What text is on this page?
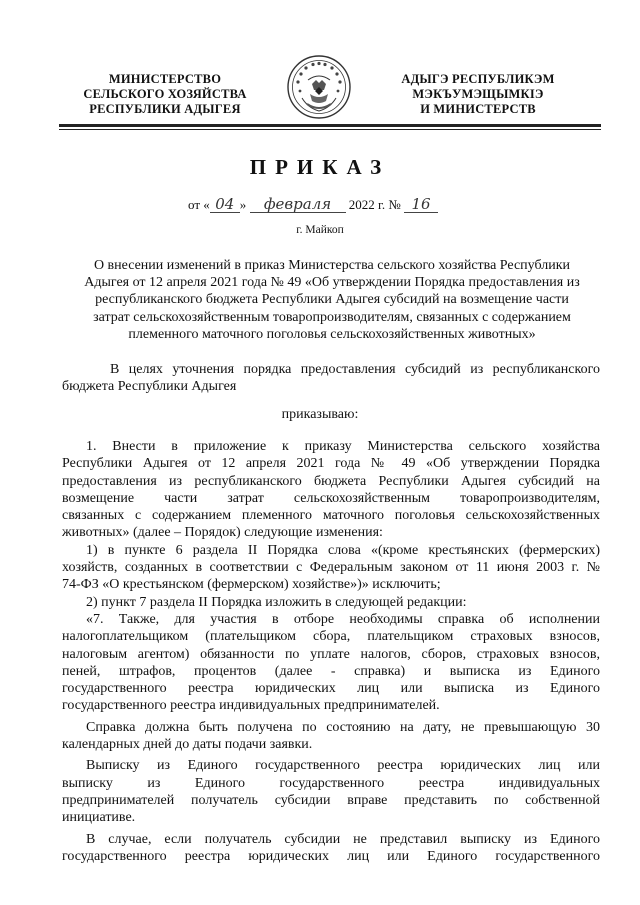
МИНИСТЕРСТВО
СЕЛЬСКОГО ХОЗЯЙСТВА
РЕСПУБЛИКИ АДЫГЕЯ
АДЫГЭ РЕСПУБЛИКЭМ
МЭКЪУМЭЩЫМКIЭ
И МИНИСТЕРСТВ
ПРИКАЗ
от « 04 » февраля 2022 г. № 16
г. Майкоп
О внесении изменений в приказ Министерства сельского хозяйства Республики
Адыгея от 12 апреля 2021 года № 49 «Об утверждении Порядка предоставления из
республиканского бюджета Республики Адыгея субсидий на возмещение части
затрат сельскохозяйственным товаропроизводителям, связанных с содержанием
племенного маточного поголовья сельскохозяйственных животных»
В целях уточнения порядка предоставления субсидий из республиканского
бюджета Республики Адыгея
приказываю:
1. Внести в приложение к приказу Министерства сельского хозяйства
Республики Адыгея от 12 апреля 2021 года № 49 «Об утверждении Порядка
предоставления из республиканского бюджета Республики Адыгея субсидий на
возмещение части затрат сельскохозяйственным товаропроизводителям,
связанных с содержанием племенного маточного поголовья сельскохозяйственных
животных» (далее – Порядок) следующие изменения:
1) в пункте 6 раздела II Порядка слова «(кроме крестьянских (фермерских)
хозяйств, созданных в соответствии с Федеральным законом от 11 июня 2003 г. №
74-ФЗ «О крестьянском (фермерском) хозяйстве»)» исключить;
2) пункт 7 раздела II Порядка изложить в следующей редакции:
«7. Также, для участия в отборе необходимы справка об исполнении
налогоплательщиком (плательщиком сбора, плательщиком страховых взносов,
налоговым агентом) обязанности по уплате налогов, сборов, страховых взносов,
пеней, штрафов, процентов (далее - справка) и выписка из Единого
государственного реестра юридических лиц или выписка из Единого
государственного реестра индивидуальных предпринимателей.
Справка должна быть получена по состоянию на дату, не превышающую 30
календарных дней до даты подачи заявки.
Выписку из Единого государственного реестра юридических лиц или
выписку из Единого государственного реестра индивидуальных
предпринимателей получатель субсидии вправе представить по собственной
инициативе.
В случае, если получатель субсидии не представил выписку из Единого
государственного реестра юридических лиц или Единого государственного
